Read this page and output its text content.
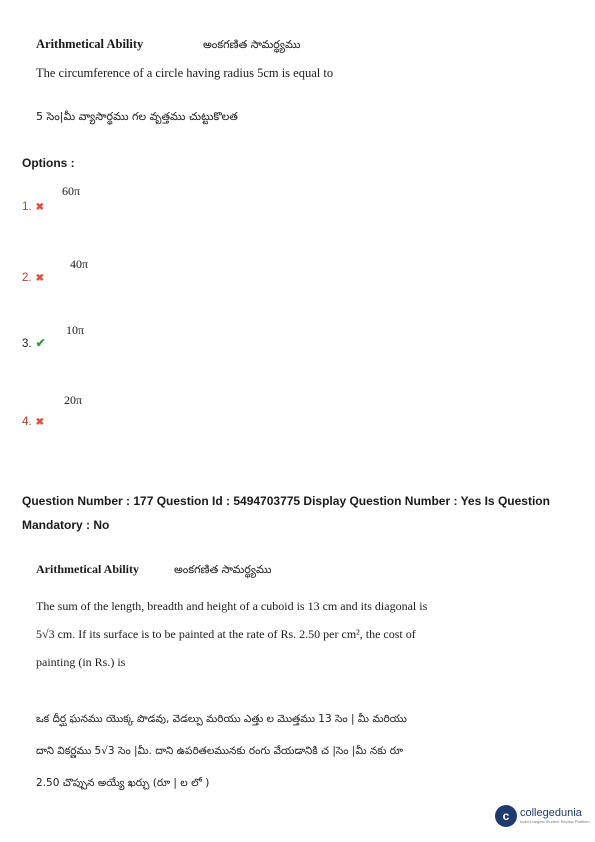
Arithmetical Ability	అంకగణిత సామర్థ్యము
The circumference of a circle having radius 5cm is equal to
5 సెం|మీ వ్యాసార్థము గల వృత్తము చుట్టుకొలత
Options :
60π
1. ✖
40π
2. ✖
10π
3. ✔
20π
4. ✖
Question Number : 177 Question Id : 5494703775 Display Question Number : Yes Is Question
Mandatory : No
Arithmetical Ability	అంకగణిత సామర్థ్యము
The sum of the length, breadth and height of a cuboid is 13 cm and its diagonal is
5√3 cm. If its surface is to be painted at the rate of Rs. 2.50 per cm², the cost of
painting (in Rs.) is
ఒక దీర్ఘ ఘనము యొక్క పొడవు, వెడల్పు మరియు ఎత్తు ల మొత్తము 13 సెం | మీ మరియు
దాని వికర్ణము 5√3 సెం |మీ. దాని ఉపరితలమునకు రంగు వేయడానికి చ |సెం |మీ నకు రూ
2.50 చొప్పున అయ్యే ఖర్చు (రూ | ల లో )
c collegedunia
India's largest Student Review Platform
